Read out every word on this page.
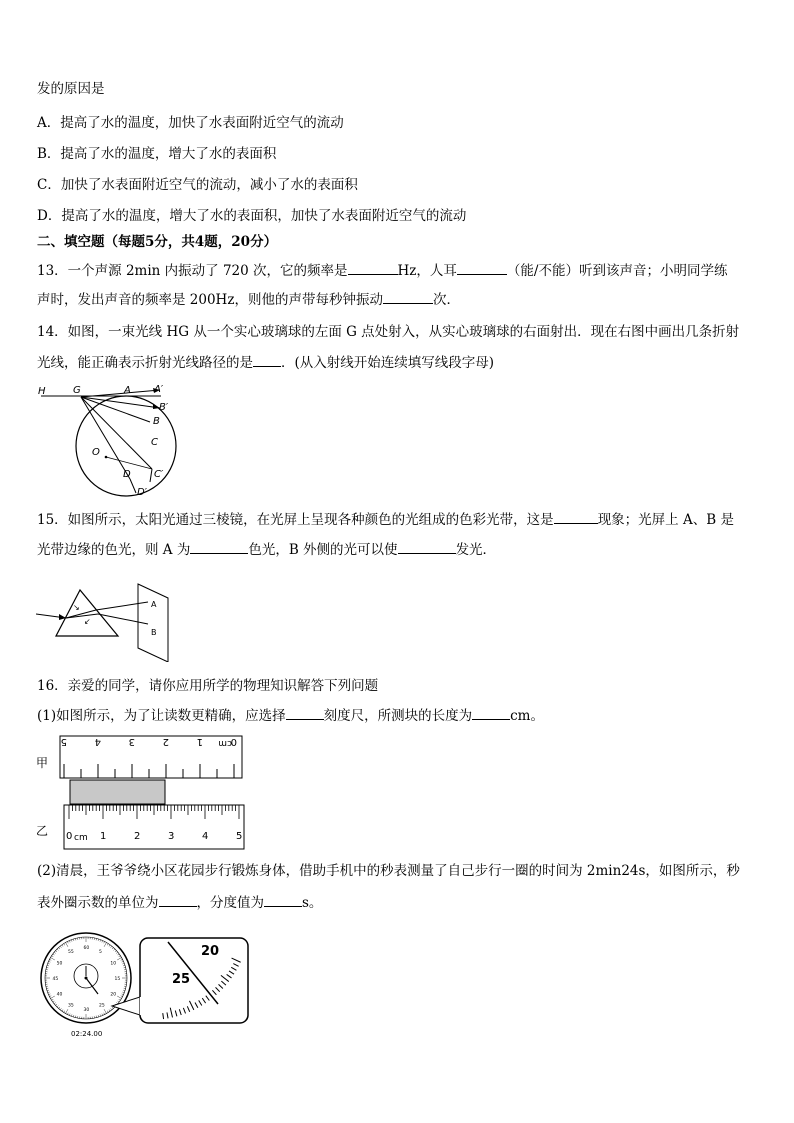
发的原因是
A．提高了水的温度，加快了水表面附近空气的流动
B．提高了水的温度，增大了水的表面积
C．加快了水表面附近空气的流动，减小了水的表面积
D．提高了水的温度，增大了水的表面积，加快了水表面附近空气的流动
二、填空题（每题5分，共4题，20分）
13．一个声源 2min 内振动了 720 次，它的频率是	Hz，人耳	（能/不能）听到该声音；小明同学练
声时，发出声音的频率是 200Hz，则他的声带每秒钟振动	次．
14．如图，一束光线 HG 从一个实心玻璃球的左面 G 点处射入，从实心玻璃球的右面射出．现在右图中画出几条折射
光线，能正确表示折射光线路径的是 ．(从入射线开始连续填写线段字母)
H	G	A A′
B
B′
C
C′
D
D′
O
15．如图所示，太阳光通过三棱镜，在光屏上呈现各种颜色的光组成的色彩光带，这是	现象；光屏上 A、B 是
光带边缘的色光，则 A 为	色光，B 外侧的光可以使	发光．
↘
↙
A
B
16．亲爱的同学，请你应用所学的物理知识解答下列问题
(1)如图所示，为了让读数更精确，应选择	刻度尺，所测块的长度为	cm。
甲
乙
5	4	3	2	1	0
cm
0	1	2	3	4	5
cm
(2)清晨，王爷爷绕小区花园步行锻炼身体，借助手机中的秒表测量了自己步行一圈的时间为 2min24s，如图所示，秒
表外圈示数的单位为	，分度值为	s。
60
5
10
15
20
25
30
35
40
45
50
55
02:24.00
20
25
